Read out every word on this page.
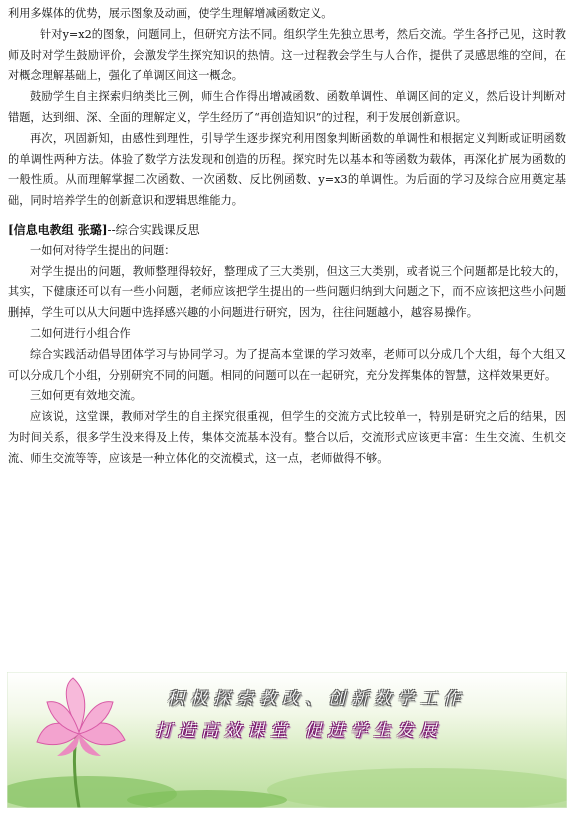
利用多媒体的优势，展示图象及动画，使学生理解增减函数定义。

针对y=x2的图象，问题同上，但研究方法不同。组织学生先独立思考，然后交流。学生各抒己见，这时教师及时对学生鼓励评价，会激发学生探究知识的热情。这一过程教会学生与人合作，提供了灵感思维的空间，在对概念理解基础上，强化了单调区间这一概念。

鼓励学生自主探索归纳类比三例，师生合作得出增减函数、函数单调性、单调区间的定义，然后设计判断对错题，达到细、深、全面的理解定义，学生经历了“再创造知识”的过程，利于发展创新意识。

再次，巩固新知，由感性到理性，引导学生逐步探究利用图象判断函数的单调性和根据定义判断或证明函数的单调性两种方法。体验了数学方法发现和创造的历程。探究时先以基本和等函数为载体，再深化扩展为函数的一般性质。从而理解掌握二次函数、一次函数、反比例函数、y=x3的单调性。为后面的学习及综合应用奠定基础，同时培养学生的创新意识和逻辑思维能力。

[信息电教组 张璐]--综合实践课反思

一如何对待学生提出的问题：

对学生提出的问题，教师整理得较好，整理成了三大类别，但这三大类别，或者说三个问题都是比较大的，其实，下健康还可以有一些小问题，老师应该把学生提出的一些问题归纳到大问题之下，而不应该把这些小问题删掉，学生可以从大问题中选择感兴趣的小问题进行研究，因为，往往问题越小，越容易操作。

二如何进行小组合作

综合实践活动倡导团体学习与协同学习。为了提高本堂课的学习效率，老师可以分成几个大组，每个大组又可以分成几个小组，分别研究不同的问题。相同的问题可以在一起研究，充分发挥集体的智慧，这样效果更好。

三如何更有效地交流。

应该说，这堂课，教师对学生的自主探究很重视，但学生的交流方式比较单一，特别是研究之后的结果，因为时间关系，很多学生没来得及上传，集体交流基本没有。整合以后，交流形式应该更丰富：生生交流、生机交流、师生交流等等，应该是一种立体化的交流模式，这一点，老师做得不够。

积极探索教改、创新数学工作
打造高效课堂 促进学生发展
